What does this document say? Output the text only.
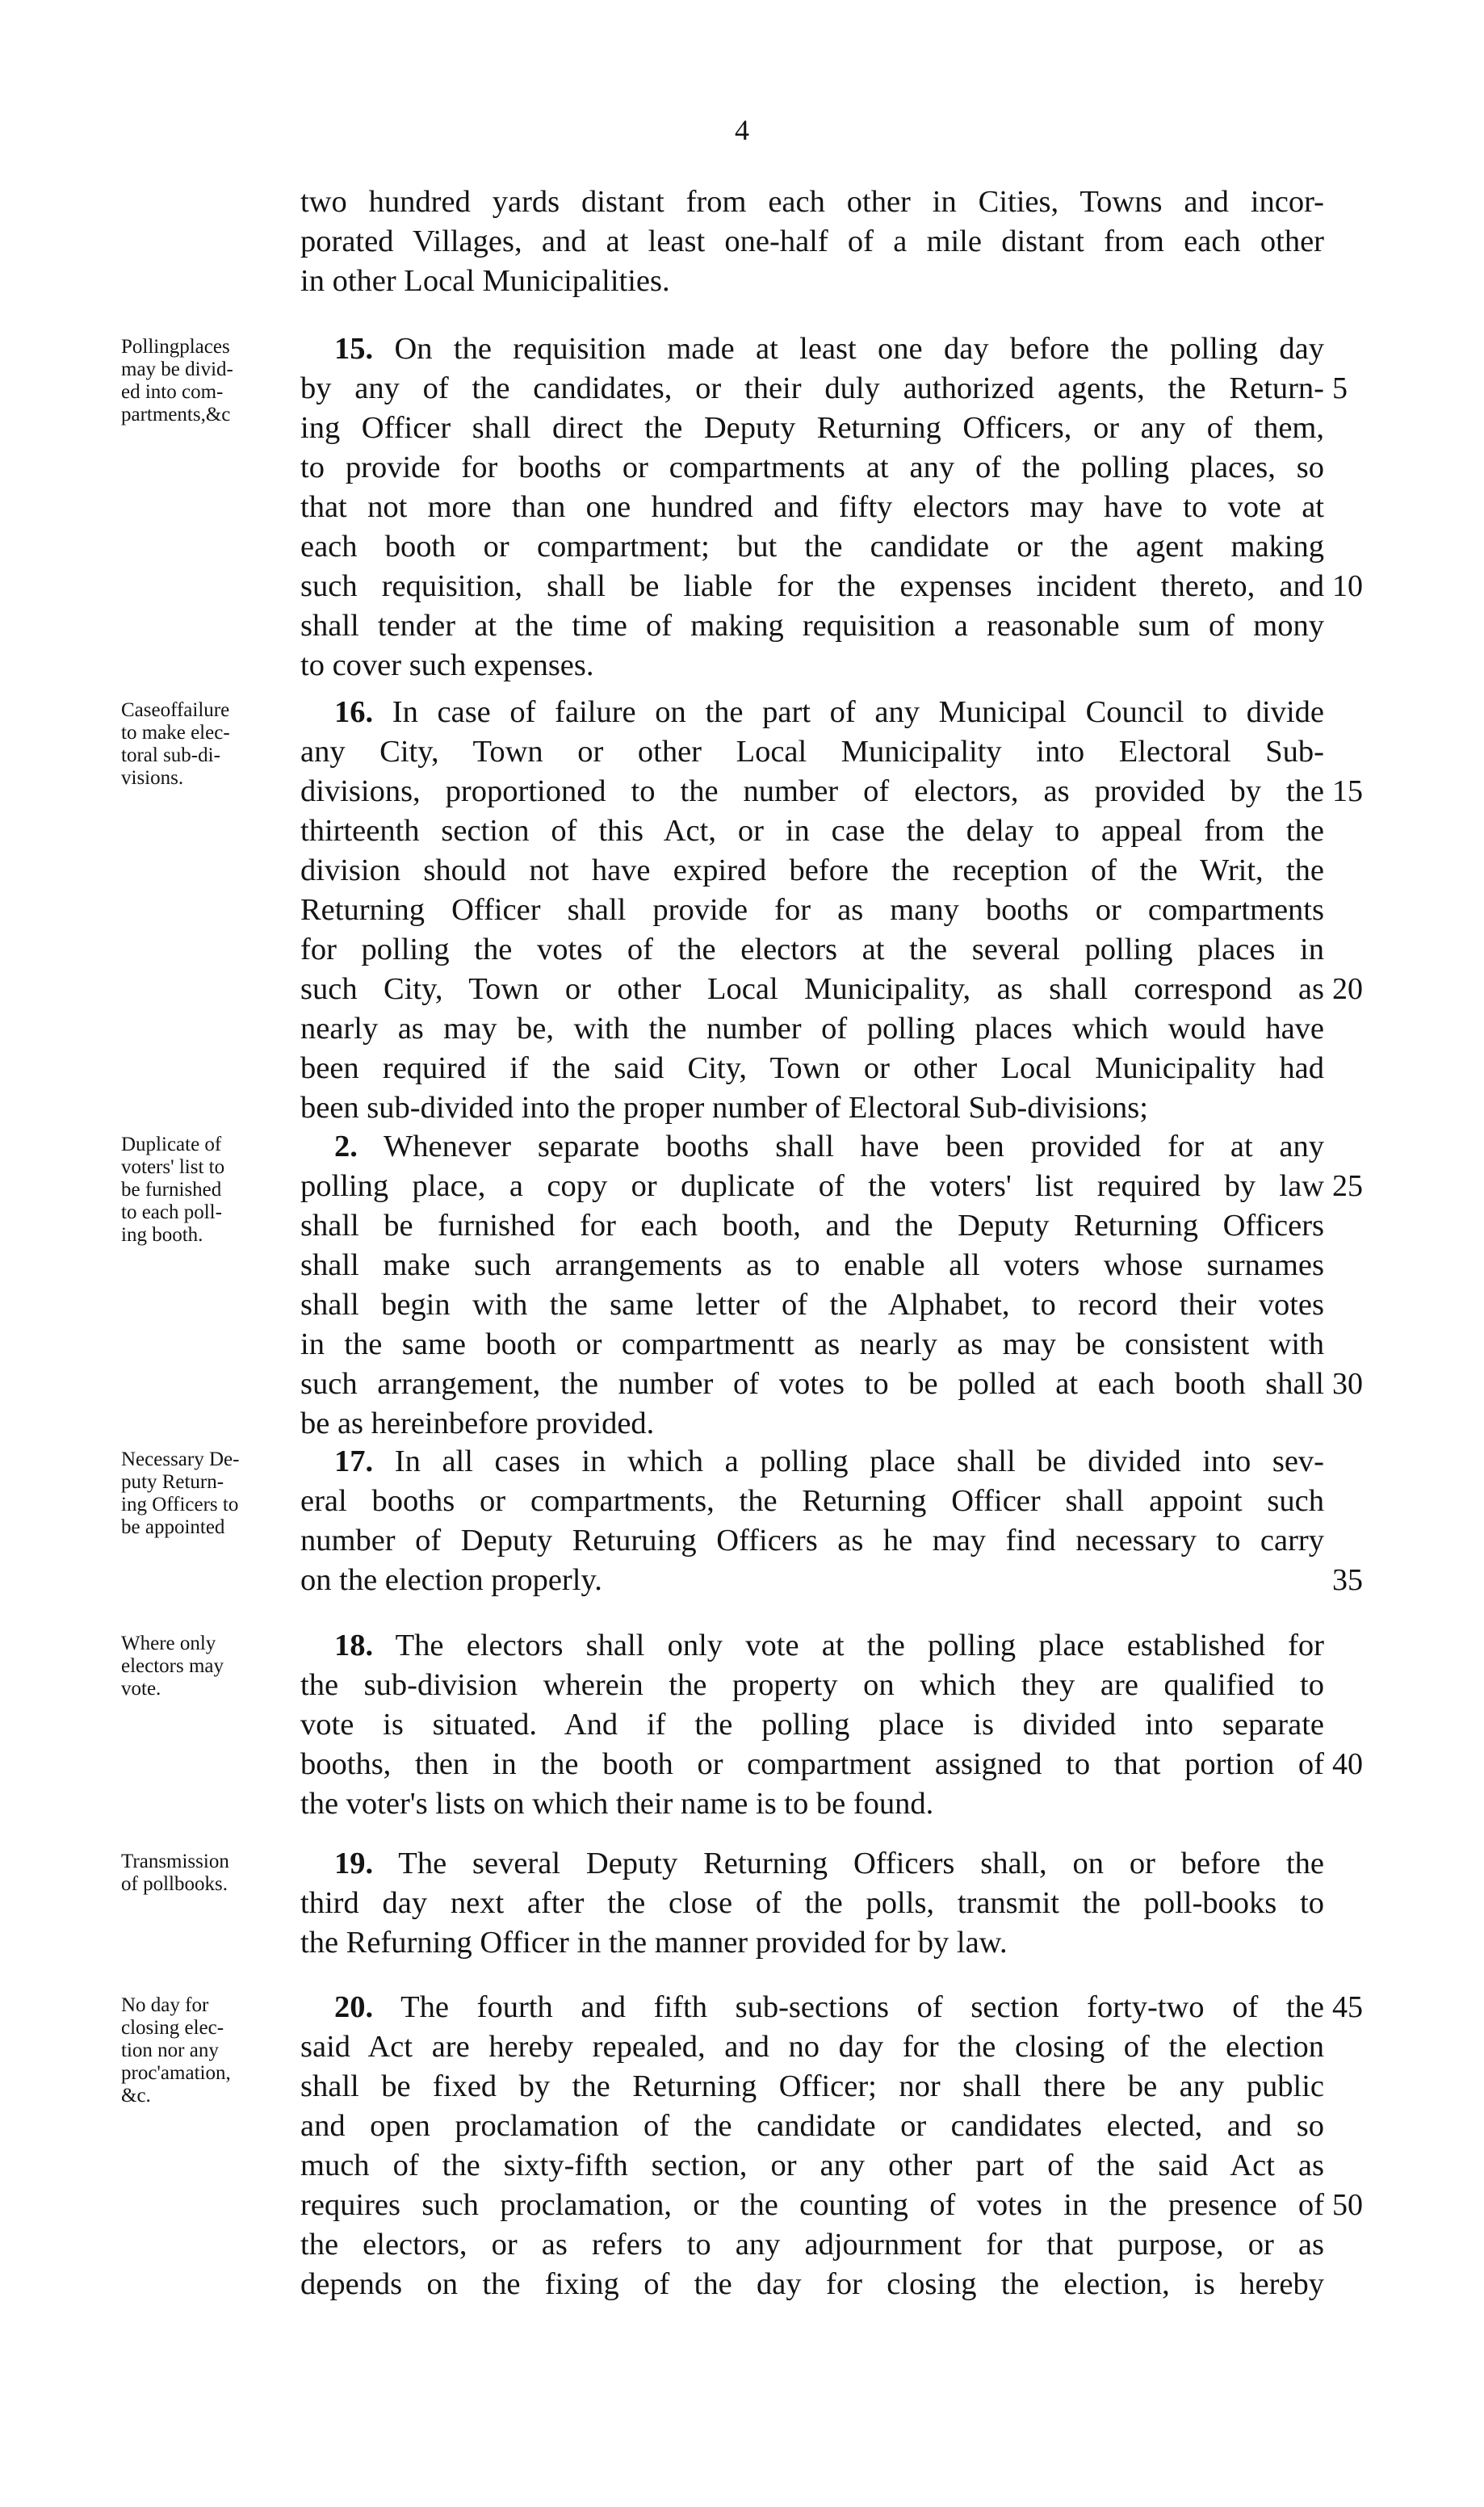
4
two hundred yards distant from each other in Cities, Towns and incor-
porated Villages, and at least one-half of a mile distant from each other
in other Local Municipalities.
Pollingplaces
may be divid-
ed into com-
partments,&c
5
10
15. On the requisition made at least one day before the polling day
by any of the candidates, or their duly authorized agents, the Return-
ing Officer shall direct the Deputy Returning Officers, or any of them,
to provide for booths or compartments at any of the polling places, so
that not more than one hundred and fifty electors may have to vote at
each booth or compartment; but the candidate or the agent making
such requisition, shall be liable for the expenses incident thereto, and
shall tender at the time of making requisition a reasonable sum of mony
to cover such expenses.
Caseoffailure
to make elec-
toral sub-di-
visions.	15
20
16. In case of failure on the part of any Municipal Council to divide
any City, Town or other Local Municipality into Electoral Sub-
divisions, proportioned to the number of electors, as provided by the
thirteenth section of this Act, or in case the delay to appeal from the
division should not have expired before the reception of the Writ, the
Returning Officer shall provide for as many booths or compartments
for polling the votes of the electors at the several polling places in
such City, Town or other Local Municipality, as shall correspond as
nearly as may be, with the number of polling places which would have
been required if the said City, Town or other Local Municipality had
been sub-divided into the proper number of Electoral Sub-divisions;
Duplicate of
voters' list to
be furnished
to each poll-
ing booth.
25
30
2. Whenever separate booths shall have been provided for at any
polling place, a copy or duplicate of the voters' list required by law
shall be furnished for each booth, and the Deputy Returning Officers
shall make such arrangements as to enable all voters whose surnames
shall begin with the same letter of the Alphabet, to record their votes
in the same booth or compartmentt as nearly as may be consistent with
such arrangement, the number of votes to be polled at each booth shall
be as hereinbefore provided.
Necessary De-
puty Return-
ing Officers to
be appointed
35
17. In all cases in which a polling place shall be divided into sev-
eral booths or compartments, the Returning Officer shall appoint such
number of Deputy Returuing Officers as he may find necessary to carry
on the election properly.
Where only
electors may
vote.
40
18. The electors shall only vote at the polling place established for
the sub-division wherein the property on which they are qualified to
vote is situated. And if the polling place is divided into separate
booths, then in the booth or compartment assigned to that portion of
the voter's lists on which their name is to be found.
Transmission
of pollbooks.
19. The several Deputy Returning Officers shall, on or before the
third day next after the close of the polls, transmit the poll-books to
the Refurning Officer in the manner provided for by law.
No day for
closing elec-
tion nor any
proc'amation,
&c.
45
50
20. The fourth and fifth sub-sections of section forty-two of the
said Act are hereby repealed, and no day for the closing of the election
shall be fixed by the Returning Officer; nor shall there be any public
and open proclamation of the candidate or candidates elected, and so
much of the sixty-fifth section, or any other part of the said Act as
requires such proclamation, or the counting of votes in the presence of
the electors, or as refers to any adjournment for that purpose, or as
depends on the fixing of the day for closing the election, is hereby
